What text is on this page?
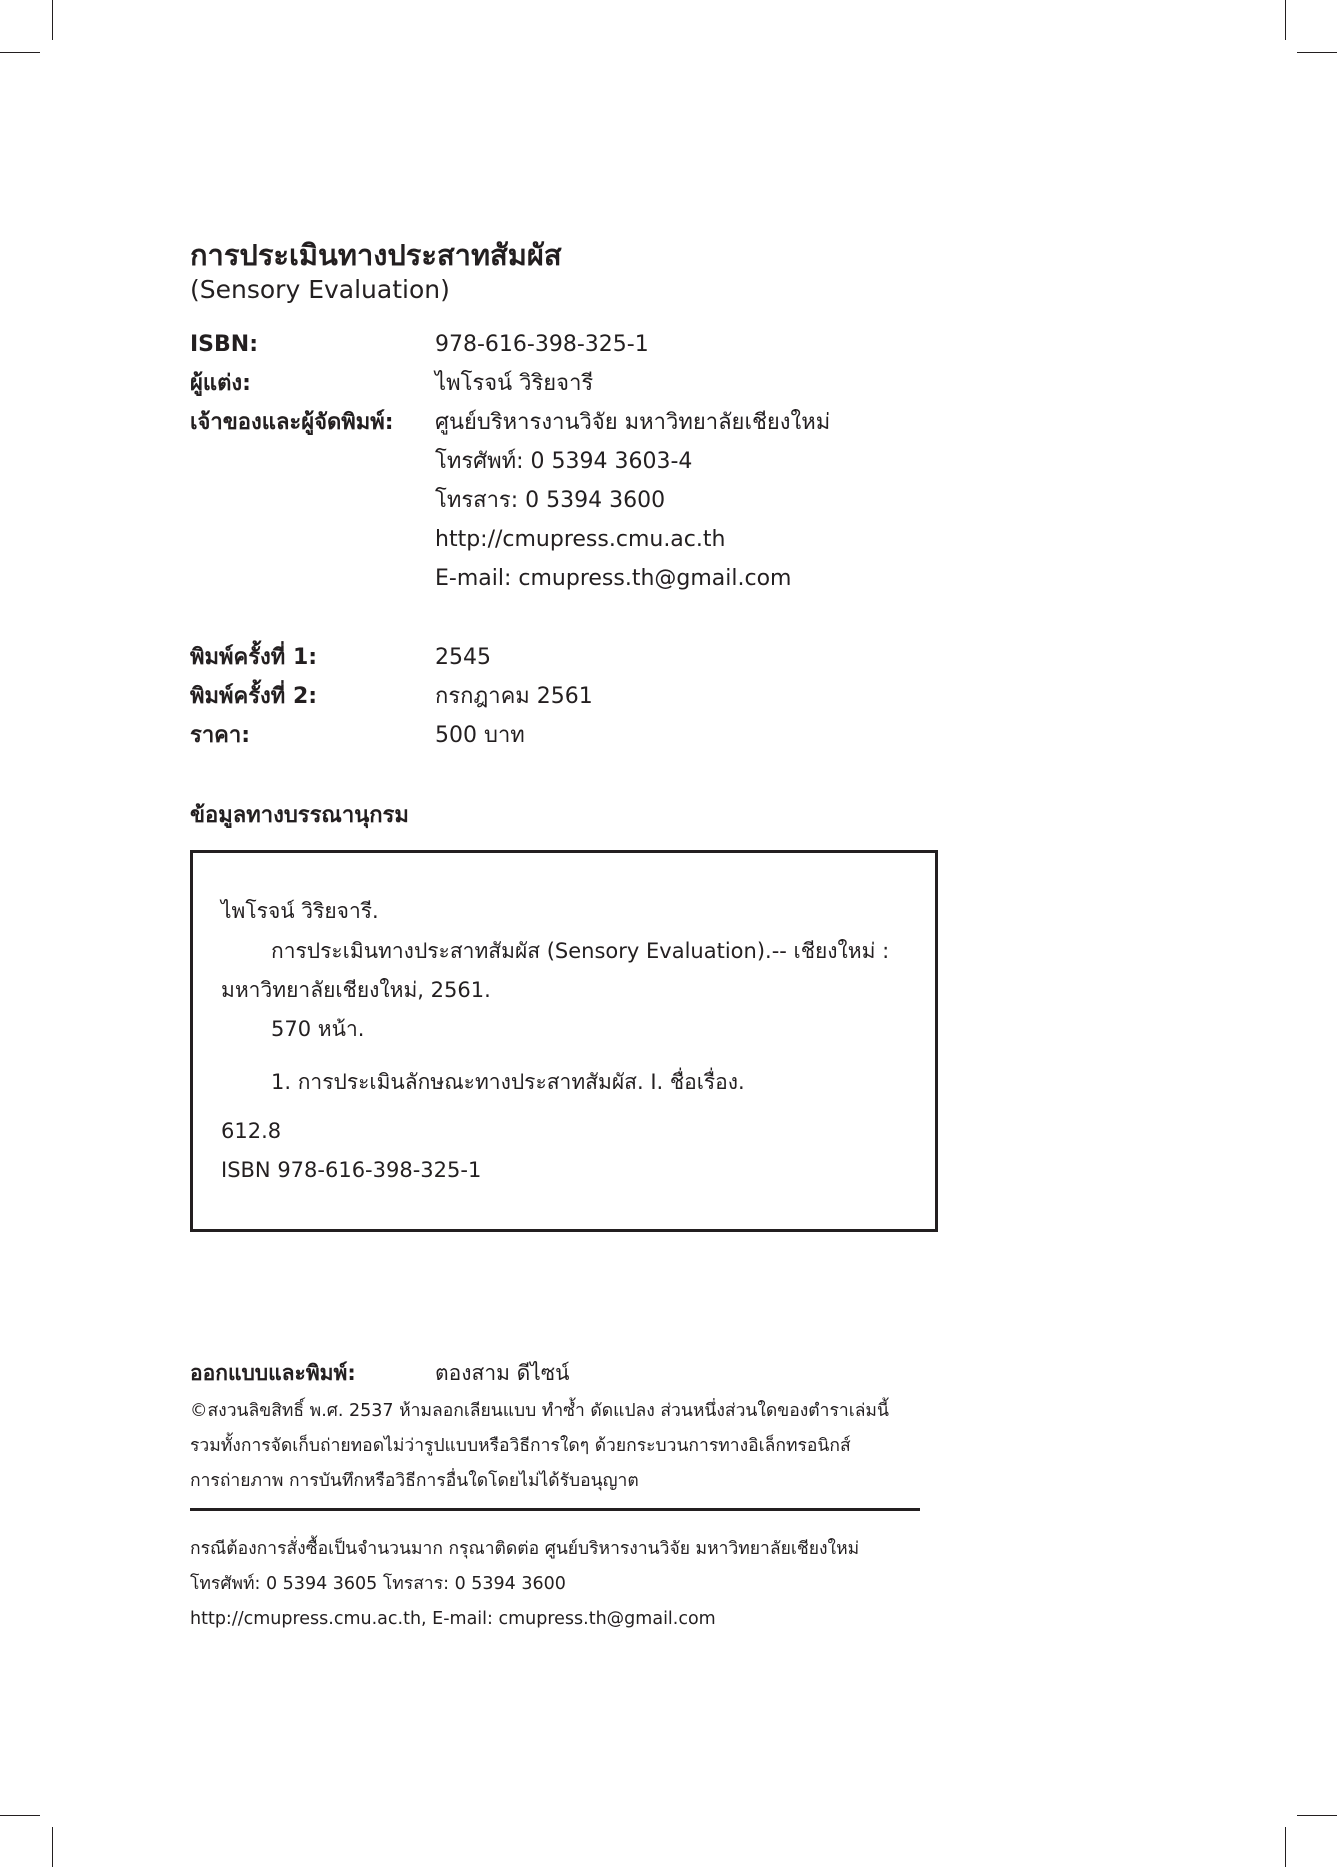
การประเมินทางประสาทสัมผัส
(Sensory Evaluation)
ISBN:	978-616-398-325-1
ผู้แต่ง:	ไพโรจน์ วิริยจารี
เจ้าของและผู้จัดพิมพ์: ศูนย์บริหารงานวิจัย มหาวิทยาลัยเชียงใหม่
โทรศัพท์: 0 5394 3603-4
โทรสาร: 0 5394 3600
http://cmupress.cmu.ac.th
E-mail: cmupress.th@gmail.com
พิมพ์ครั้งที่ 1:	2545
พิมพ์ครั้งที่ 2:	กรกฎาคม 2561
ราคา:	500 บาท
ข้อมูลทางบรรณานุกรม
ไพโรจน์ วิริยจารี.
การประเมินทางประสาทสัมผัส (Sensory Evaluation).-- เชียงใหม่ :
มหาวิทยาลัยเชียงใหม่, 2561.
570 หน้า.
1. การประเมินลักษณะทางประสาทสัมผัส. I. ชื่อเรื่อง.
612.8
ISBN 978-616-398-325-1
ออกแบบและพิมพ์:	ตองสาม ดีไซน์
©สงวนลิขสิทธิ์ พ.ศ. 2537 ห้ามลอกเลียนแบบ ทำซ้ำ ดัดแปลง ส่วนหนึ่งส่วนใดของตำราเล่มนี้
รวมทั้งการจัดเก็บถ่ายทอดไม่ว่ารูปแบบหรือวิธีการใดๆ ด้วยกระบวนการทางอิเล็กทรอนิกส์
การถ่ายภาพ การบันทึกหรือวิธีการอื่นใดโดยไม่ได้รับอนุญาต
กรณีต้องการสั่งซื้อเป็นจำนวนมาก กรุณาติดต่อ ศูนย์บริหารงานวิจัย มหาวิทยาลัยเชียงใหม่
โทรศัพท์: 0 5394 3605 โทรสาร: 0 5394 3600
http://cmupress.cmu.ac.th, E-mail: cmupress.th@gmail.com
